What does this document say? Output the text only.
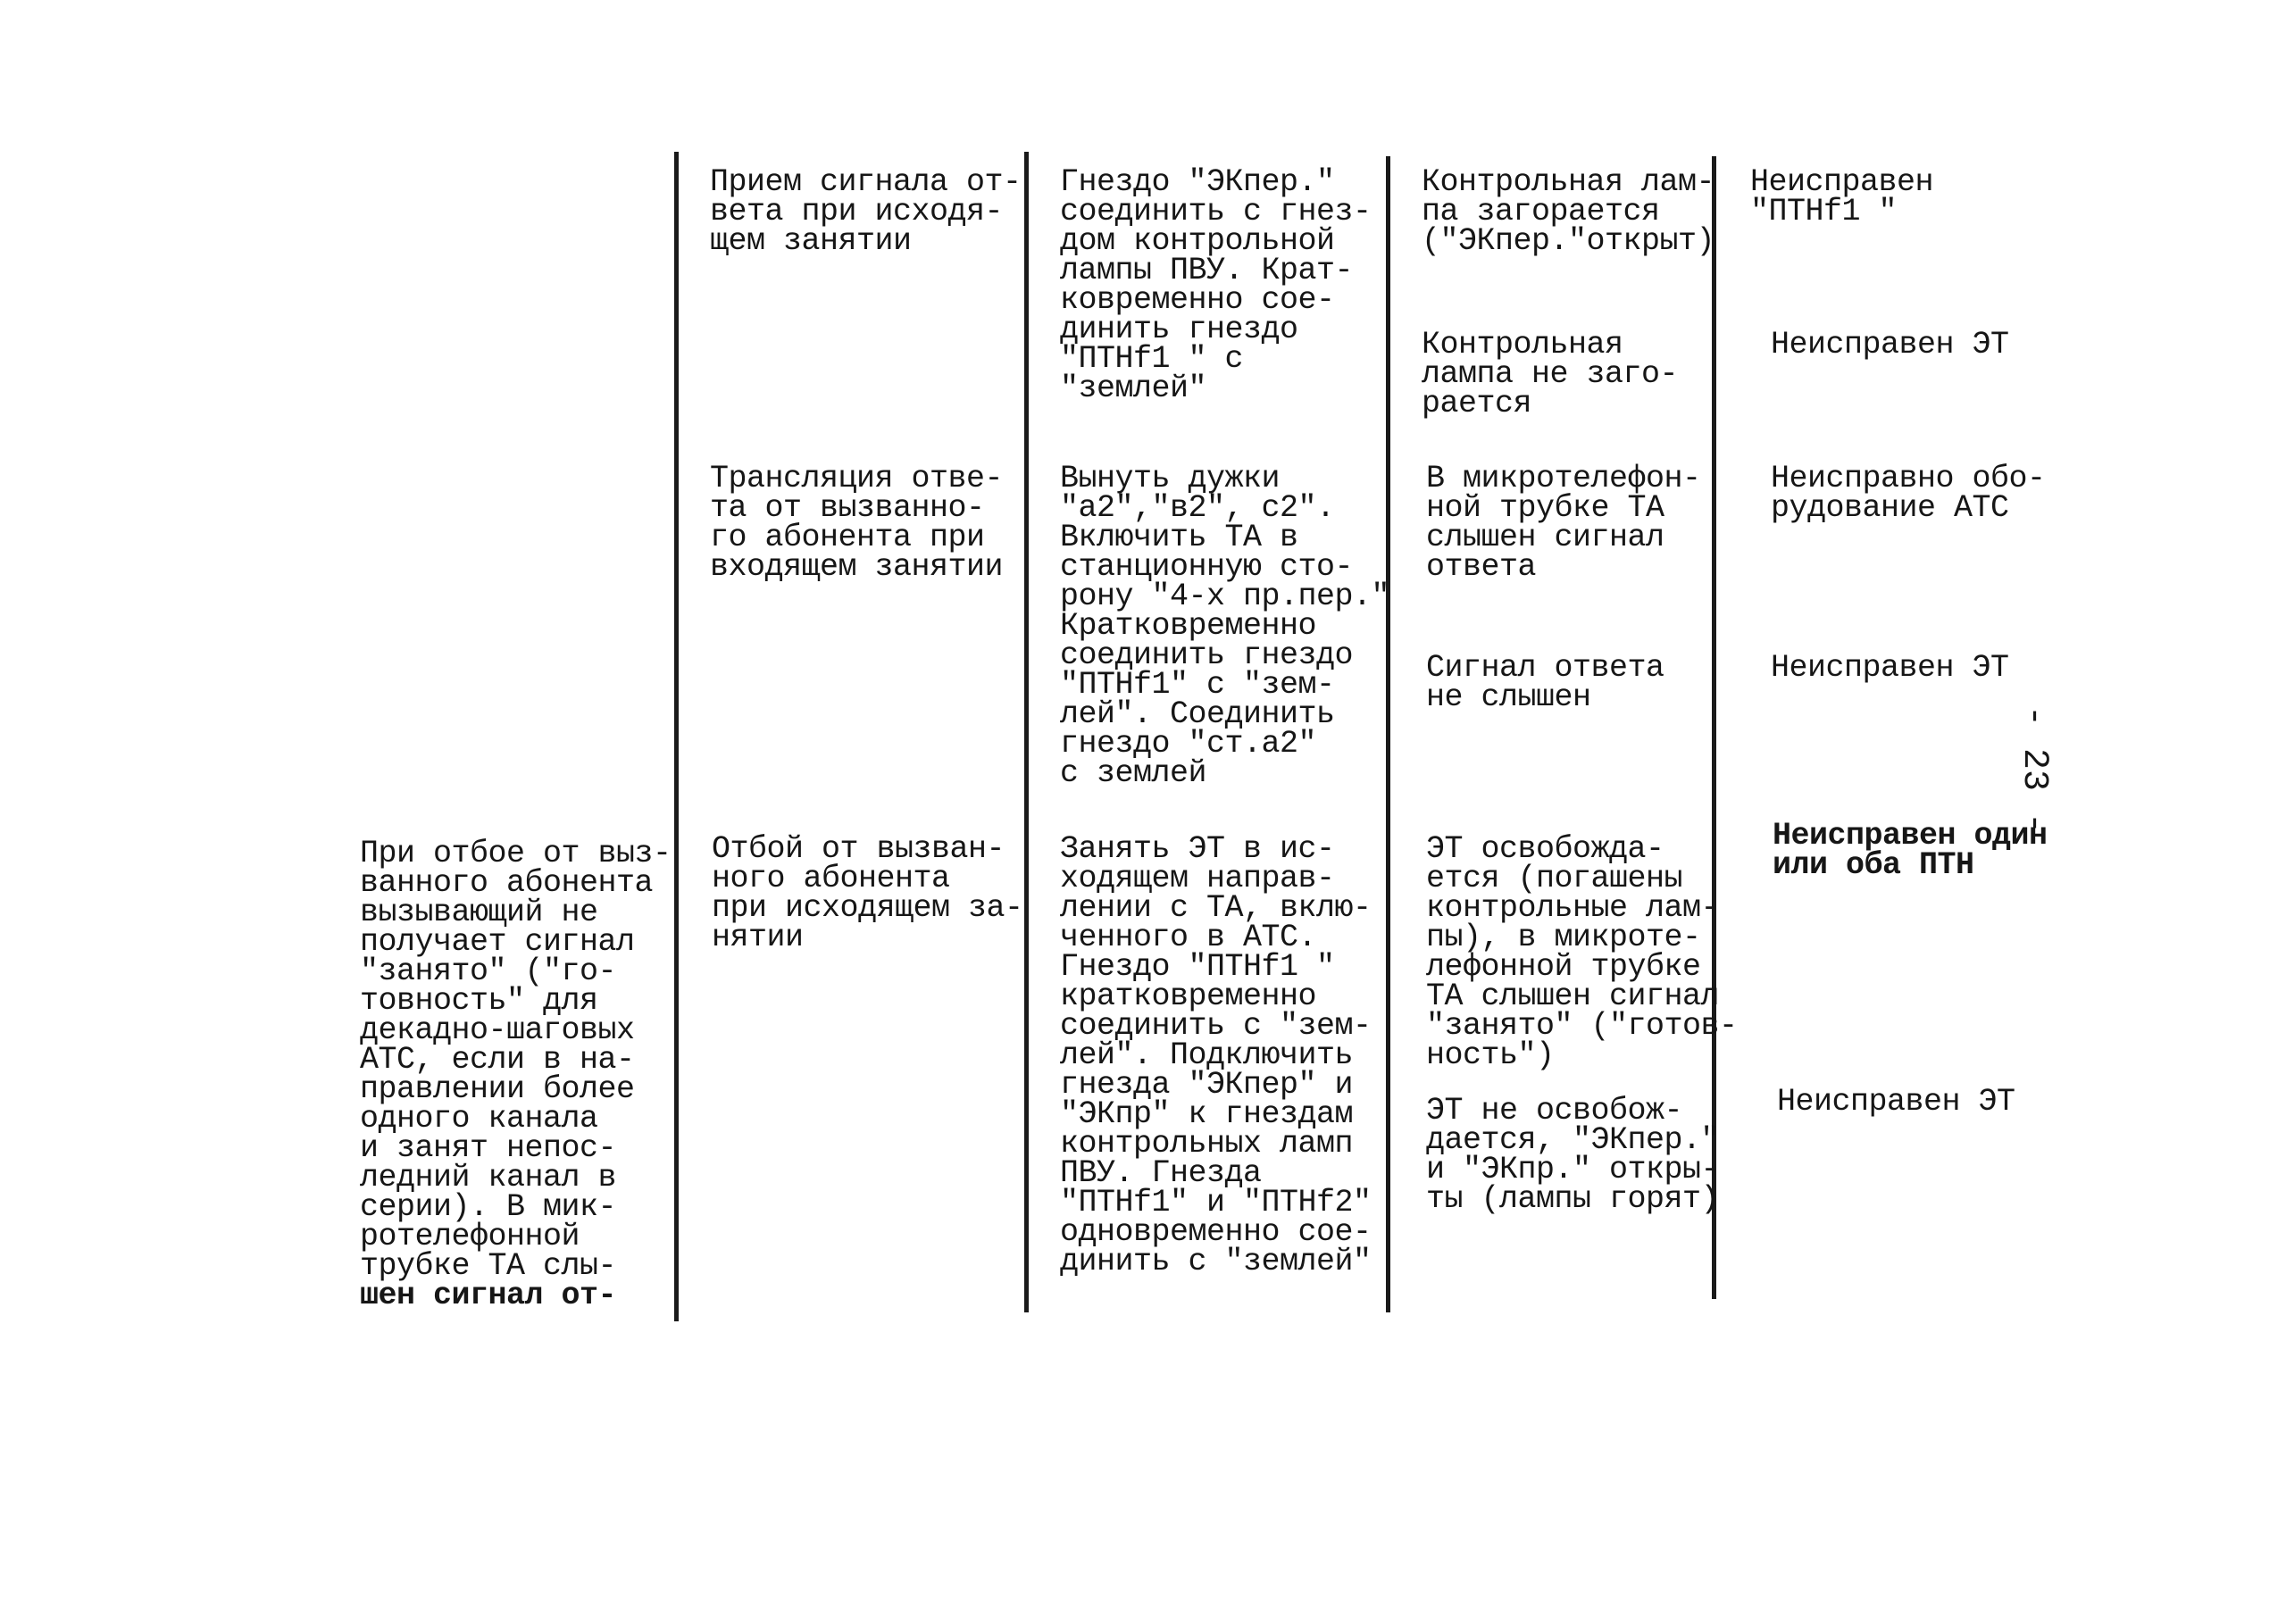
При отбое от выз-
ванного абонента
вызывающий не
получает сигнал
"занято" ("го-
товность" для
декадно-шаговых
АТС, если в на-
правлении более
одного канала
и занят непос-
ледний канал в
серии). В мик-
ротелефонной
трубке ТА слы-
шен сигнал от-
Прием сигнала от-
вета при исходя-
щем занятии
Гнездо "ЭКпер."
соединить с гнез-
дом контрольной
лампы ПВУ. Крат-
ковременно сое-
динить гнездо
"ПТНf1 " с
"землей"
Контрольная лам-
па загорается
("ЭКпер."открыт)
Неисправен
"ПТНf1 "
Контрольная
лампа не заго-
рается
Неисправен ЭТ
Трансляция отве-
та от вызванно-
го абонента при
входящем занятии
Вынуть дужки
"а2","в2", с2".
Включить ТА в
станционную сто-
рону "4-х пр.пер."
Кратковременно
соединить гнездо
"ПТНf1" с "зем-
лей". Соединить
гнездо "ст.а2"
с землей
В микротелефон-
ной трубке ТА
слышен сигнал
ответа
Неисправно обо-
рудование АТС
Сигнал ответа
не слышен
Неисправен ЭТ
Отбой от вызван-
ного абонента
при исходящем за-
нятии
Занять ЭТ в ис-
ходящем направ-
лении с ТА, вклю-
ченного в АТС.
Гнездо "ПТНf1 "
кратковременно
соединить с "зем-
лей". Подключить
гнезда "ЭКпер" и
"ЭКпр" к гнездам
контрольных ламп
ПВУ. Гнезда
"ПТНf1" и "ПТНf2"
одновременно сое-
динить с "землей"
ЭТ освобожда-
ется (погашены
контрольные лам-
пы), в микроте-
лефонной трубке
ТА слышен сигнал
"занято" ("готов-
ность")
Неисправен один
или оба ПТН
ЭТ не освобож-
дается, "ЭКпер."
и "ЭКпр." откры-
ты (лампы горят)
Неисправен ЭТ
- 23 -
